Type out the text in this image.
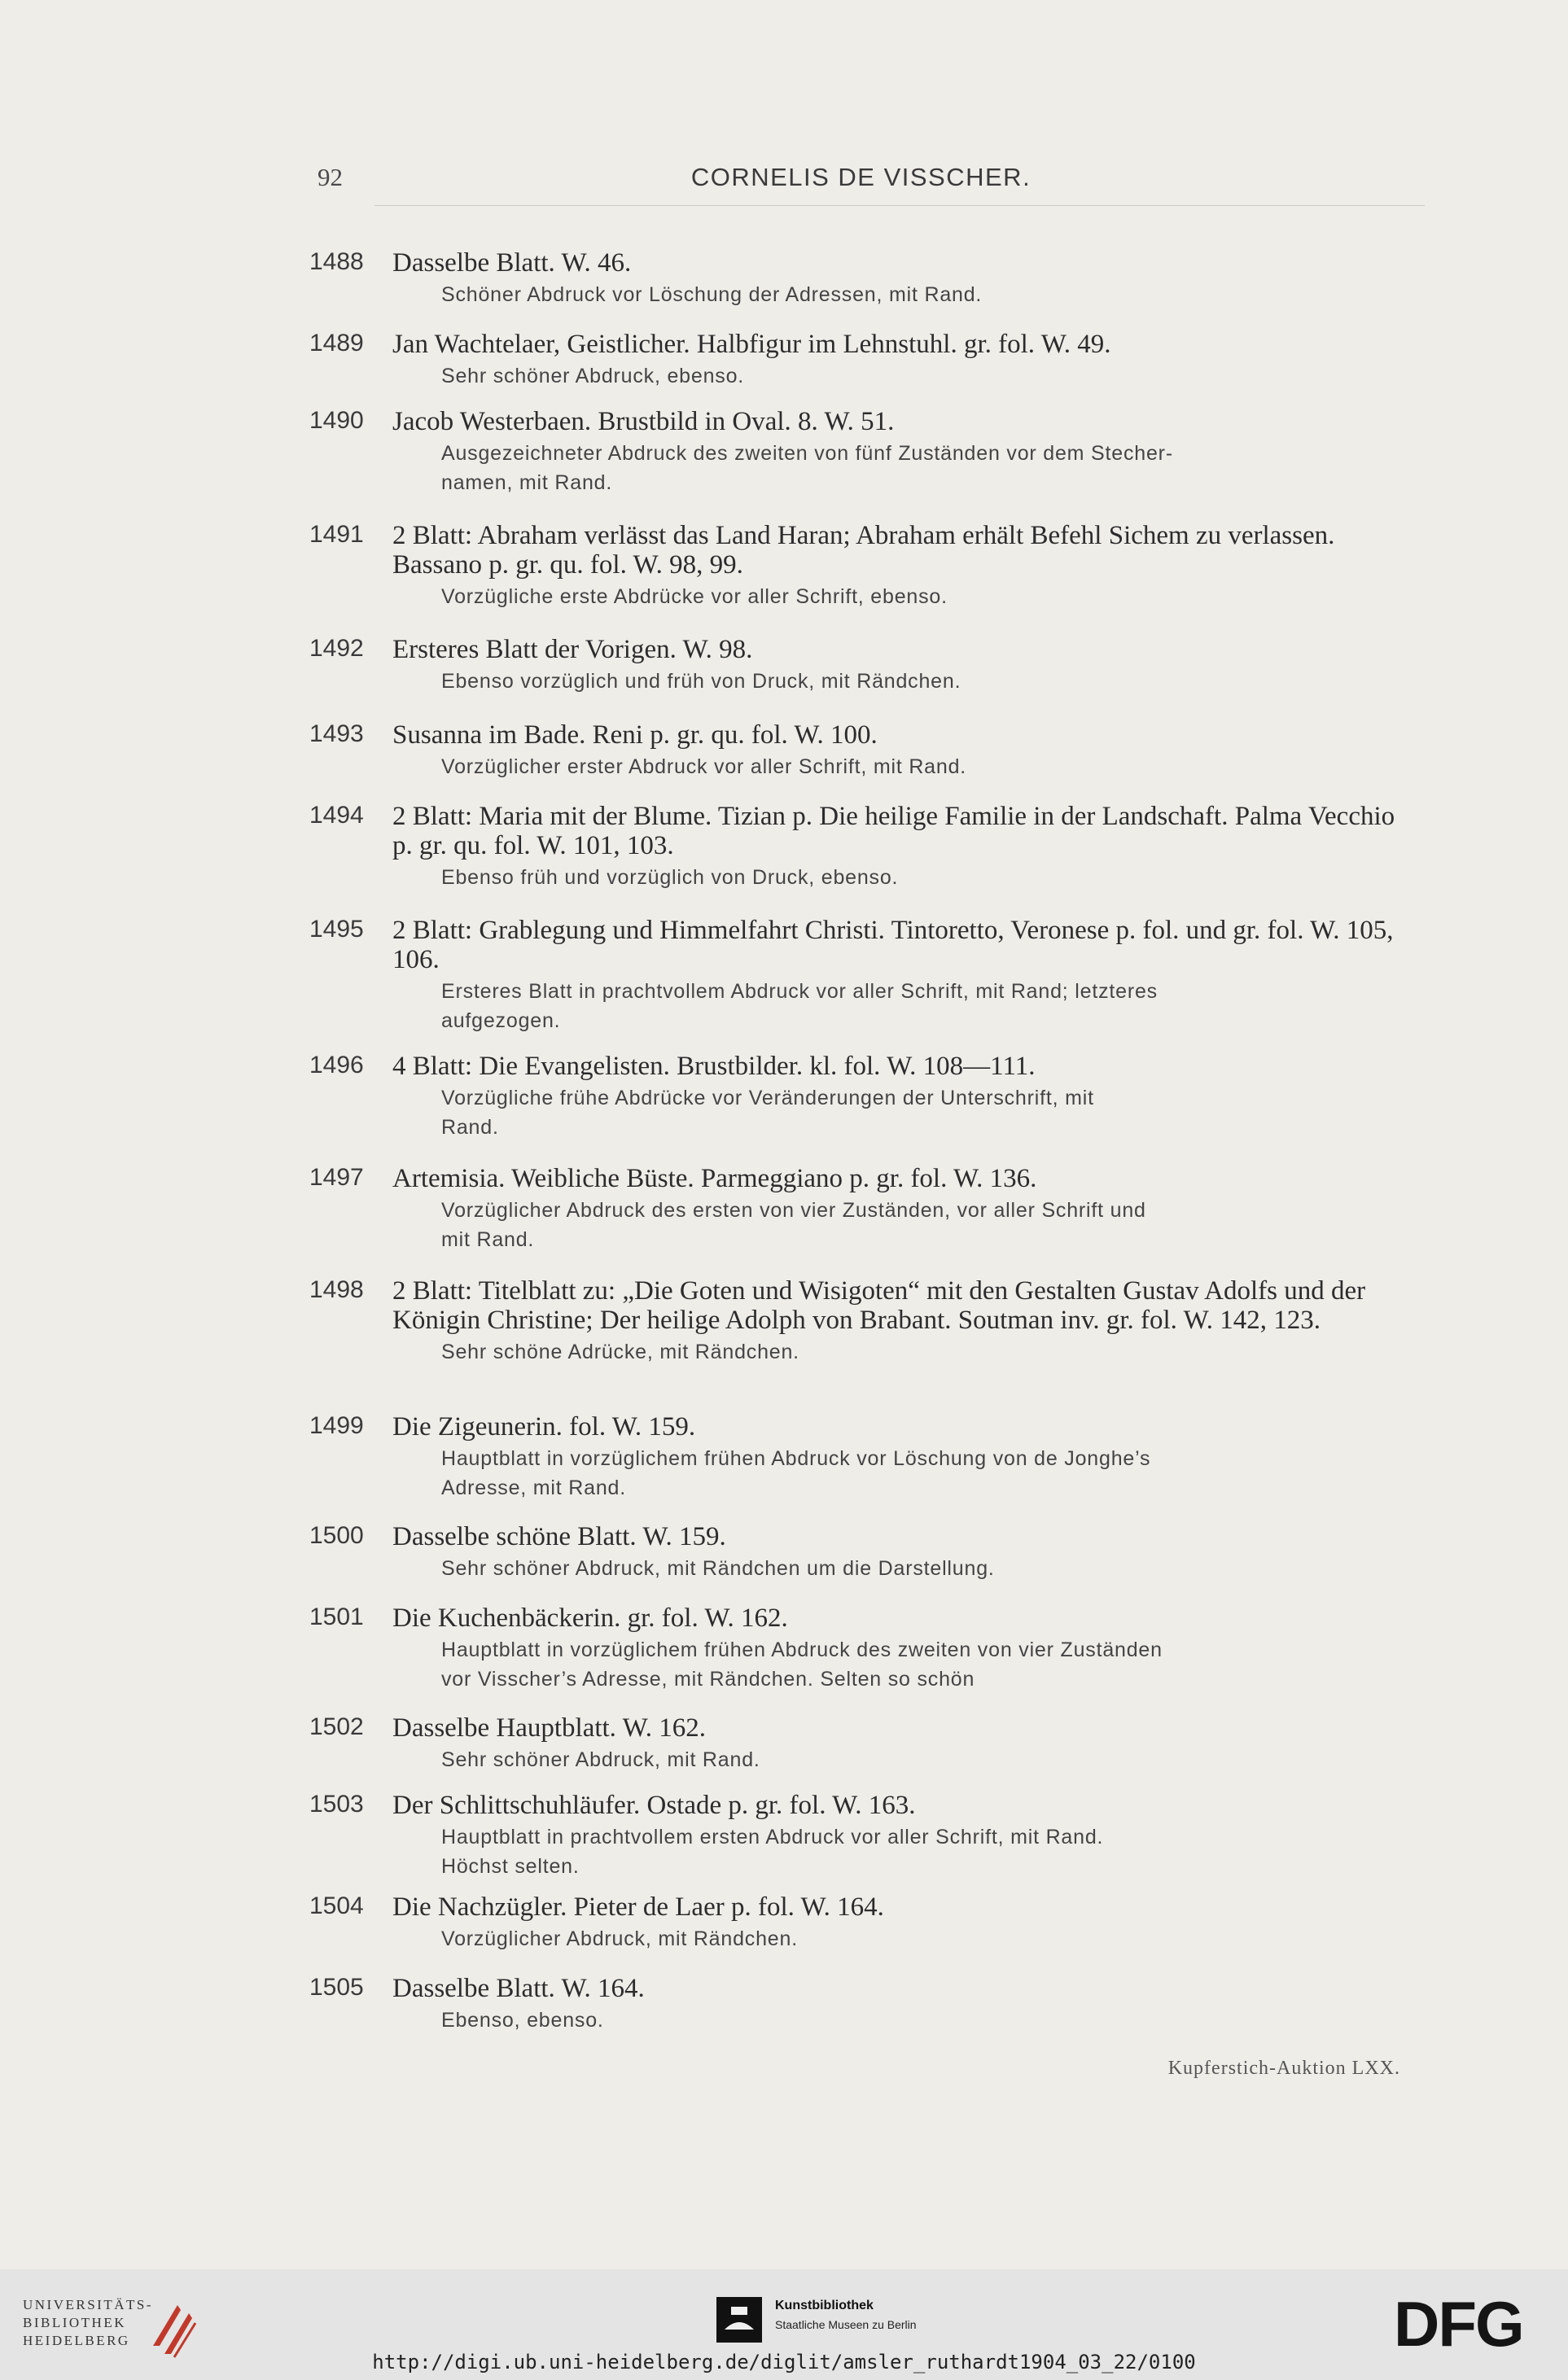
92	CORNELIS DE VISSCHER.
1488	Dasselbe Blatt. W. 46.
Schöner Abdruck vor Löschung der Adressen, mit Rand.
1489	Jan Wachtelaer, Geistlicher. Halbfigur im Lehnstuhl. gr. fol. W. 49.
Sehr schöner Abdruck, ebenso.
1490	Jacob Westerbaen. Brustbild in Oval. 8. W. 51.
Ausgezeichneter Abdruck des zweiten von fünf Zuständen vor dem Stecher-
namen, mit Rand.
1491	2 Blatt: Abraham verlässt das Land Haran; Abraham erhält Befehl Sichem zu verlassen. Bassano p. gr. qu. fol. W. 98, 99.
Vorzügliche erste Abdrücke vor aller Schrift, ebenso.
1492	Ersteres Blatt der Vorigen. W. 98.
Ebenso vorzüglich und früh von Druck, mit Rändchen.
1493	Susanna im Bade. Reni p. gr. qu. fol. W. 100.
Vorzüglicher erster Abdruck vor aller Schrift, mit Rand.
1494	2 Blatt: Maria mit der Blume. Tizian p. Die heilige Familie in der Landschaft. Palma Vecchio p. gr. qu. fol. W. 101, 103.
Ebenso früh und vorzüglich von Druck, ebenso.
1495	2 Blatt: Grablegung und Himmelfahrt Christi. Tintoretto, Veronese p. fol. und gr. fol. W. 105, 106.
Ersteres Blatt in prachtvollem Abdruck vor aller Schrift, mit Rand; letzteres
aufgezogen.
1496	4 Blatt: Die Evangelisten. Brustbilder. kl. fol. W. 108—111.
Vorzügliche frühe Abdrücke vor Veränderungen der Unterschrift, mit
Rand.
1497	Artemisia. Weibliche Büste. Parmeggiano p. gr. fol. W. 136.
Vorzüglicher Abdruck des ersten von vier Zuständen, vor aller Schrift und
mit Rand.
1498	2 Blatt: Titelblatt zu: „Die Goten und Wisigoten“ mit den Gestalten Gustav Adolfs und der Königin Christine; Der heilige Adolph von Brabant. Soutman inv. gr. fol. W. 142, 123.
Sehr schöne Adrücke, mit Rändchen.
1499	Die Zigeunerin. fol. W. 159.
Hauptblatt in vorzüglichem frühen Abdruck vor Löschung von de Jonghe’s
Adresse, mit Rand.
1500	Dasselbe schöne Blatt. W. 159.
Sehr schöner Abdruck, mit Rändchen um die Darstellung.
1501	Die Kuchenbäckerin. gr. fol. W. 162.
Hauptblatt in vorzüglichem frühen Abdruck des zweiten von vier Zuständen
vor Visscher’s Adresse, mit Rändchen. Selten so schön
1502	Dasselbe Hauptblatt. W. 162.
Sehr schöner Abdruck, mit Rand.
1503	Der Schlittschuhläufer. Ostade p. gr. fol. W. 163.
Hauptblatt in prachtvollem ersten Abdruck vor aller Schrift, mit Rand.
Höchst selten.
1504	Die Nachzügler. Pieter de Laer p. fol. W. 164.
Vorzüglicher Abdruck, mit Rändchen.
1505	Dasselbe Blatt. W. 164.
Ebenso, ebenso.
Kupferstich-Auktion LXX.
UNIVERSITÄTS-
BIBLIOTHEK
HEIDELBERG
Kunstbibliothek
Staatliche Museen zu Berlin	DFG
http://digi.ub.uni-heidelberg.de/diglit/amsler_ruthardt1904_03_22/0100
